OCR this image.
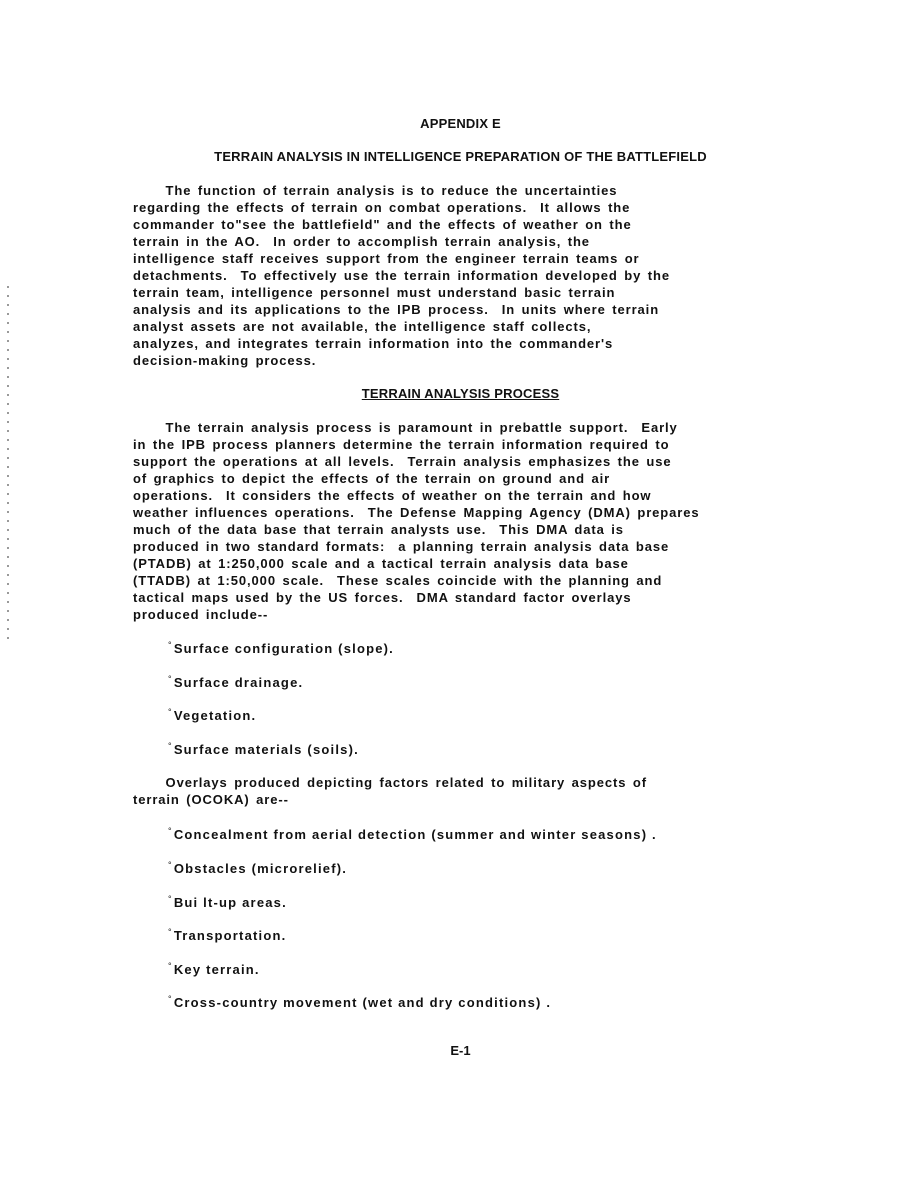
APPENDIX E
TERRAIN ANALYSIS IN INTELLIGENCE PREPARATION OF THE BATTLEFIELD

The function of terrain analysis is to reduce the uncertainties
regarding the effects of terrain on combat operations.  It allows the
commander to"see the battlefield" and the effects of weather on the
terrain in the AO.  In order to accomplish terrain analysis, the
intelligence staff receives support from the engineer terrain teams or
detachments.  To effectively use the terrain information developed by the
terrain team, intelligence personnel must understand basic terrain
analysis and its applications to the IPB process.  In units where terrain
analyst assets are not available, the intelligence staff collects,
analyzes, and integrates terrain information into the commander's
decision-making process.

TERRAIN ANALYSIS PROCESS

The terrain analysis process is paramount in prebattle support.  Early
in the IPB process planners determine the terrain information required to
support the operations at all levels.  Terrain analysis emphasizes the use
of graphics to depict the effects of the terrain on ground and air
operations.  It considers the effects of weather on the terrain and how
weather influences operations.  The Defense Mapping Agency (DMA) prepares
much of the data base that terrain analysts use.  This DMA data is
produced in two standard formats:  a planning terrain analysis data base
(PTADB) at 1:250,000 scale and a tactical terrain analysis data base
(TTADB) at 1:50,000 scale.  These scales coincide with the planning and
tactical maps used by the US forces.  DMA standard factor overlays
produced include--

°Surface configuration (slope).

°Surface drainage.

°Vegetation.

°Surface materials (soils).

Overlays produced depicting factors related to military aspects of
terrain (OCOKA) are--

°Concealment from aerial detection (summer and winter seasons) .

°Obstacles (microrelief).

°Bui lt-up areas.

°Transportation.

°Key terrain.

°Cross-country movement (wet and dry conditions) .

E-1
